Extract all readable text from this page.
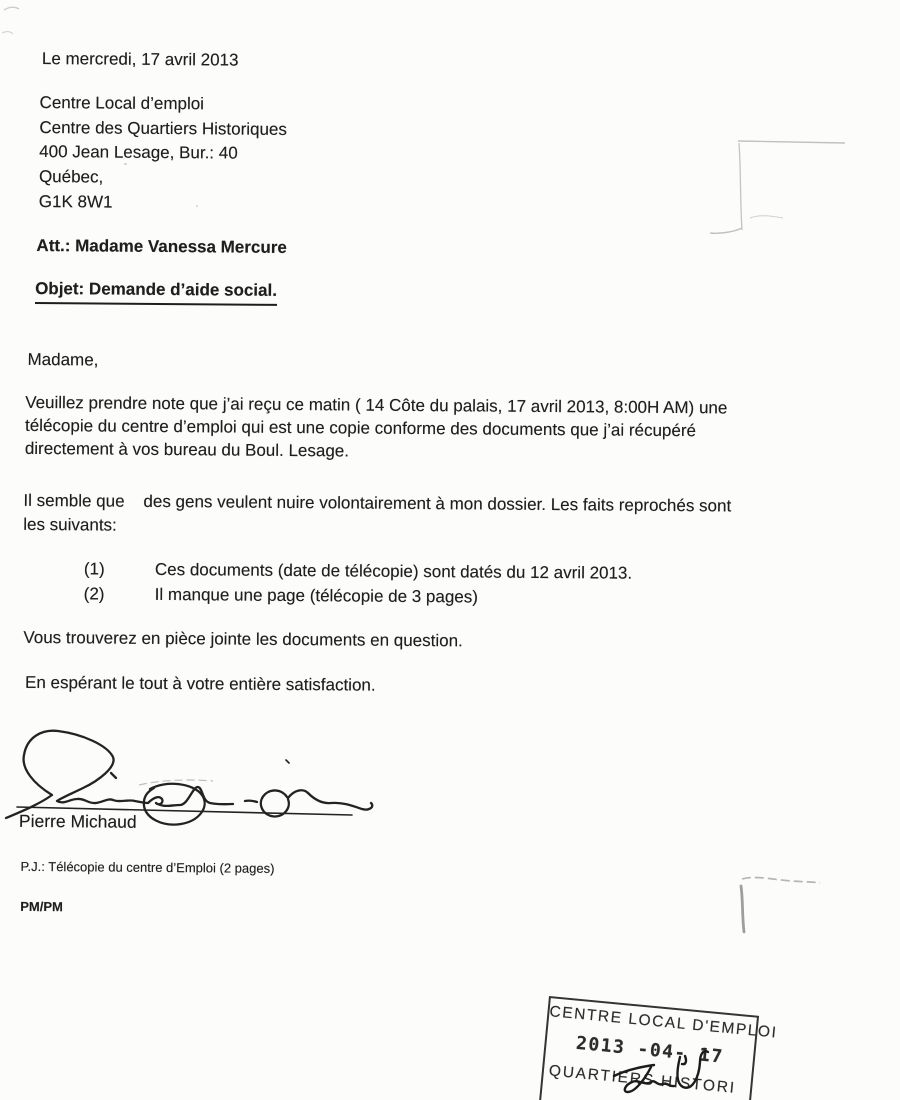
Le mercredi, 17 avril 2013
Centre Local d’emploi
Centre des Quartiers Historiques
400 Jean Lesage, Bur.: 40
Québec,
G1K 8W1
Att.: Madame Vanessa Mercure
Objet: Demande d’aide social.
Madame,
Veuillez prendre note que j’ai reçu ce matin ( 14 Côte du palais, 17 avril 2013, 8:00H AM) une
télécopie du centre d’emploi qui est une copie conforme des documents que j’ai récupéré
directement à vos bureau du Boul. Lesage.
Il semble que    des gens veulent nuire volontairement à mon dossier. Les faits reprochés sont
les suivants:
(1)	Ces documents (date de télécopie) sont datés du 12 avril 2013.
(2)	Il manque une page (télécopie de 3 pages)
Vous trouverez en pièce jointe les documents en question.
En espérant le tout à votre entière satisfaction.
Pierre Michaud
P.J.: Télécopie du centre d’Emploi (2 pages)
PM/PM
CENTRE LOCAL D'EMPLOI
2013 -04- 17
QUARTIERS HISTORI
